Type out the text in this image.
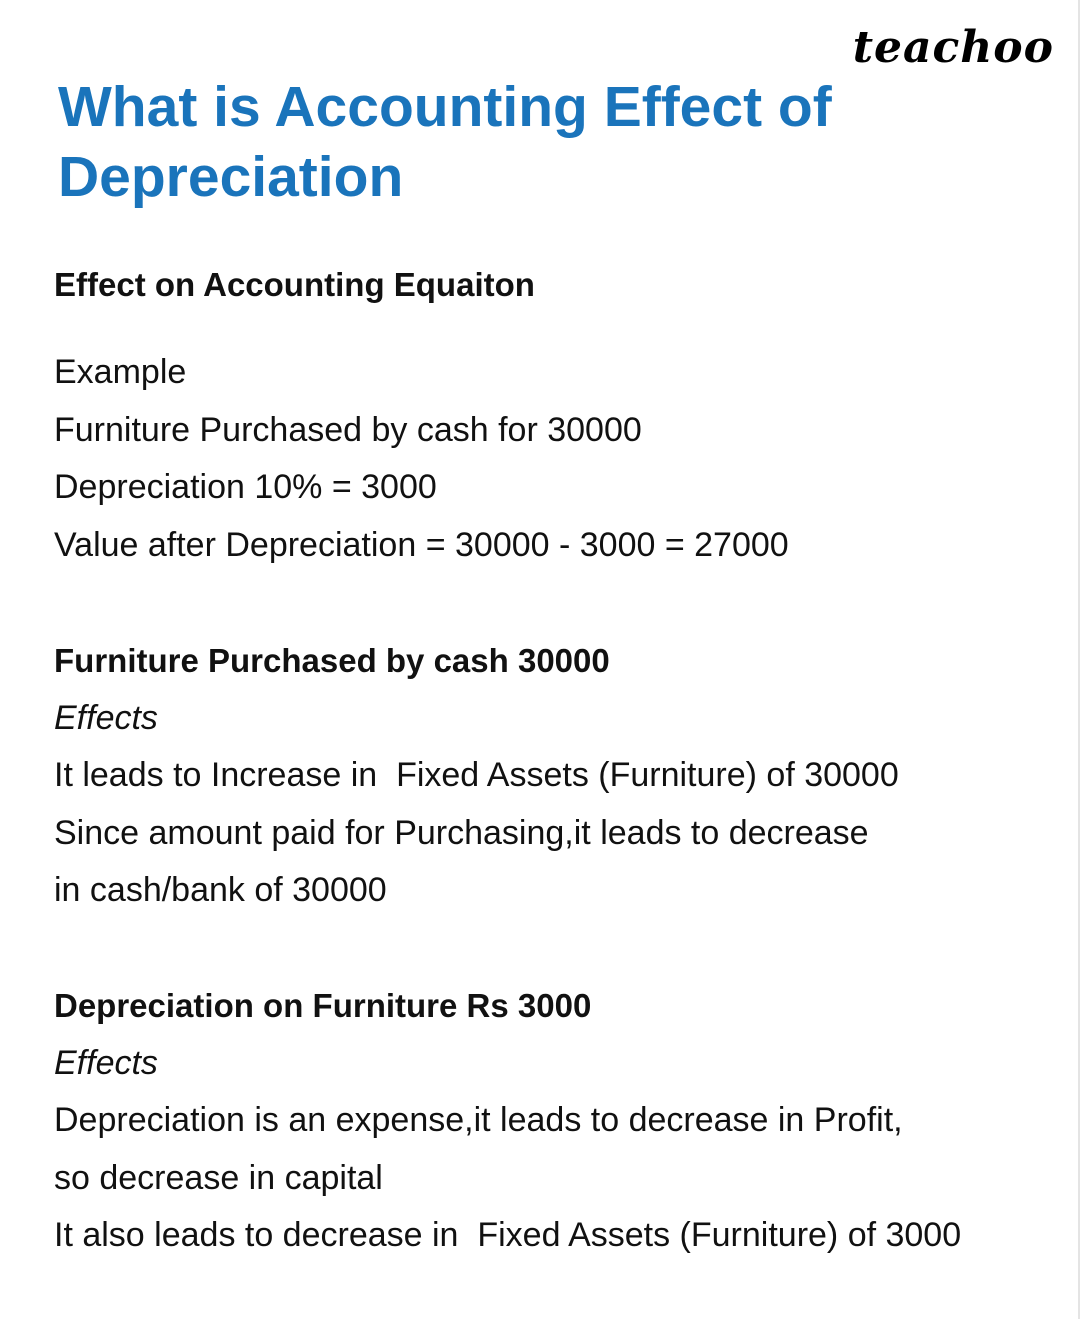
teachoo
What is Accounting Effect of Depreciation

Effect on Accounting Equaiton

Example

Furniture Purchased by cash for 30000

Depreciation 10% = 3000

Value after Depreciation = 30000 - 3000 = 27000

Furniture Purchased by cash 30000

Effects

It leads to Increase in  Fixed Assets (Furniture) of 30000

Since amount paid for Purchasing,it leads to decrease

in cash/bank of 30000

Depreciation on Furniture Rs 3000

Effects

Depreciation is an expense,it leads to decrease in Profit,

so decrease in capital

It also leads to decrease in  Fixed Assets (Furniture) of 3000
